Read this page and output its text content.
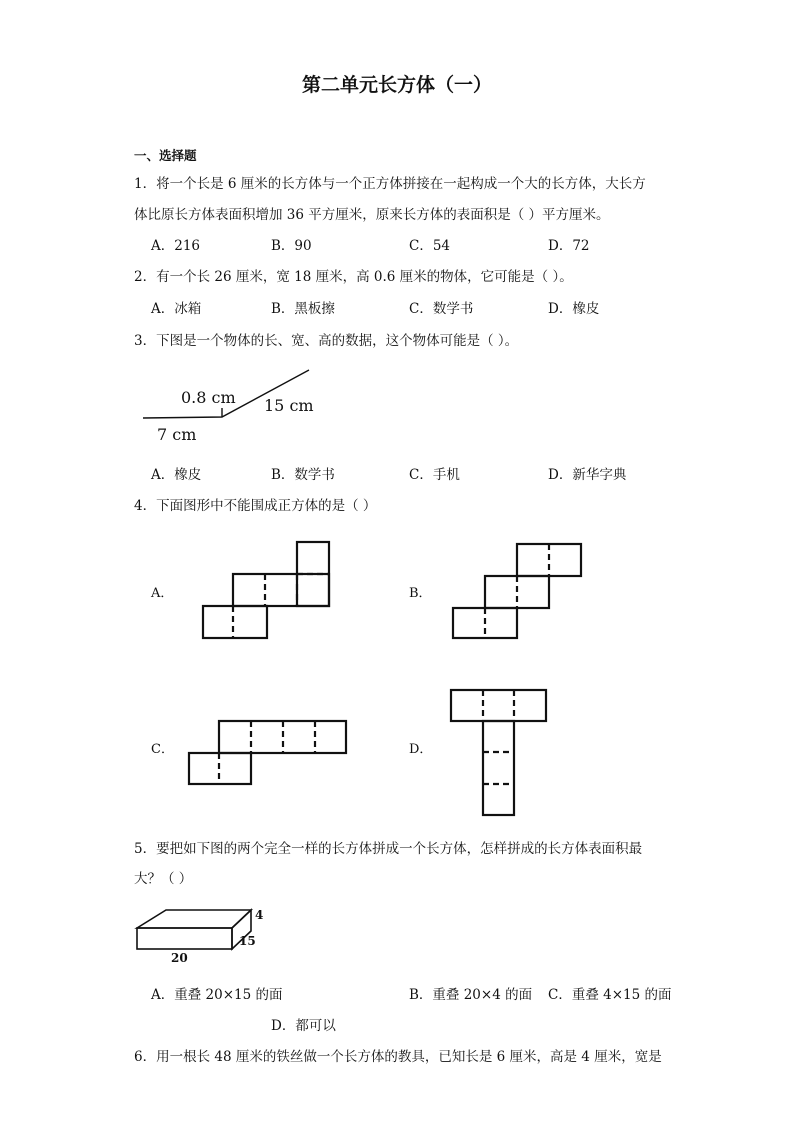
第二单元长方体（一）
一、选择题
1．将一个长是 6 厘米的长方体与一个正方体拼接在一起构成一个大的长方体，大长方
体比原长方体表面积增加 36 平方厘米，原来长方体的表面积是（ ）平方厘米。
A．216	B．90	C．54	D．72
2．有一个长 26 厘米，宽 18 厘米，高 0.6 厘米的物体，它可能是（ ）。
A．冰箱	B．黑板擦	C．数学书	D．橡皮
3．下图是一个物体的长、宽、高的数据，这个物体可能是（ ）。
0.8 cm 15 cm
7 cm
A．橡皮	B．数学书	C．手机	D．新华字典
4．下面图形中不能围成正方体的是（ ）
A．	B．
C．	D．
5．要把如下图的两个完全一样的长方体拼成一个长方体，怎样拼成的长方体表面积最
大？（ ）
4
15
20
A．重叠 20×15 的面	B．重叠 20×4 的面 C．重叠 4×15 的面
D．都可以
6．用一根长 48 厘米的铁丝做一个长方体的教具，已知长是 6 厘米，高是 4 厘米，宽是
